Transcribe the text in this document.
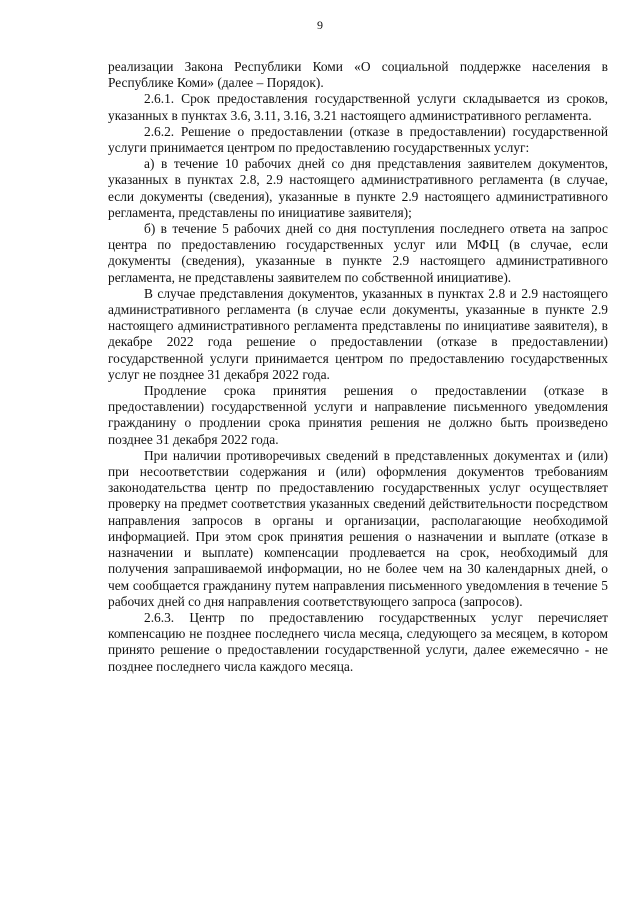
9

реализации Закона Республики Коми «О социальной поддержке населения в Республике Коми» (далее – Порядок).

2.6.1. Срок предоставления государственной услуги складывается из сроков, указанных в пунктах 3.6, 3.11, 3.16, 3.21 настоящего административного регламента.

2.6.2. Решение о предоставлении (отказе в предоставлении) государственной услуги принимается центром по предоставлению государственных услуг:

а) в течение 10 рабочих дней со дня представления заявителем документов, указанных в пунктах 2.8, 2.9 настоящего административного регламента (в случае, если документы (сведения), указанные в пункте 2.9 настоящего административного регламента, представлены по инициативе заявителя);

б) в течение 5 рабочих дней со дня поступления последнего ответа на запрос центра по предоставлению государственных услуг или МФЦ (в случае, если документы (сведения), указанные в пункте 2.9 настоящего административного регламента, не представлены заявителем по собственной инициативе).

В случае представления документов, указанных в пунктах 2.8 и 2.9 настоящего административного регламента (в случае если документы, указанные в пункте 2.9 настоящего административного регламента представлены по инициативе заявителя), в декабре 2022 года решение о предоставлении (отказе в предоставлении) государственной услуги принимается центром по предоставлению государственных услуг не позднее 31 декабря 2022 года.

Продление срока принятия решения о предоставлении (отказе в предоставлении) государственной услуги и направление письменного уведомления гражданину о продлении срока принятия решения не должно быть произведено позднее 31 декабря 2022 года.

При наличии противоречивых сведений в представленных документах и (или) при несоответствии содержания и (или) оформления документов требованиям законодательства центр по предоставлению государственных услуг осуществляет проверку на предмет соответствия указанных сведений действительности посредством направления запросов в органы и организации, располагающие необходимой информацией. При этом срок принятия решения о назначении и выплате (отказе в назначении и выплате) компенсации продлевается на срок, необходимый для получения запрашиваемой информации, но не более чем на 30 календарных дней, о чем сообщается гражданину путем направления письменного уведомления в течение 5 рабочих дней со дня направления соответствующего запроса (запросов).

2.6.3. Центр по предоставлению государственных услуг перечисляет компенсацию не позднее последнего числа месяца, следующего за месяцем, в котором принято решение о предоставлении государственной услуги, далее ежемесячно - не позднее последнего числа каждого месяца.
